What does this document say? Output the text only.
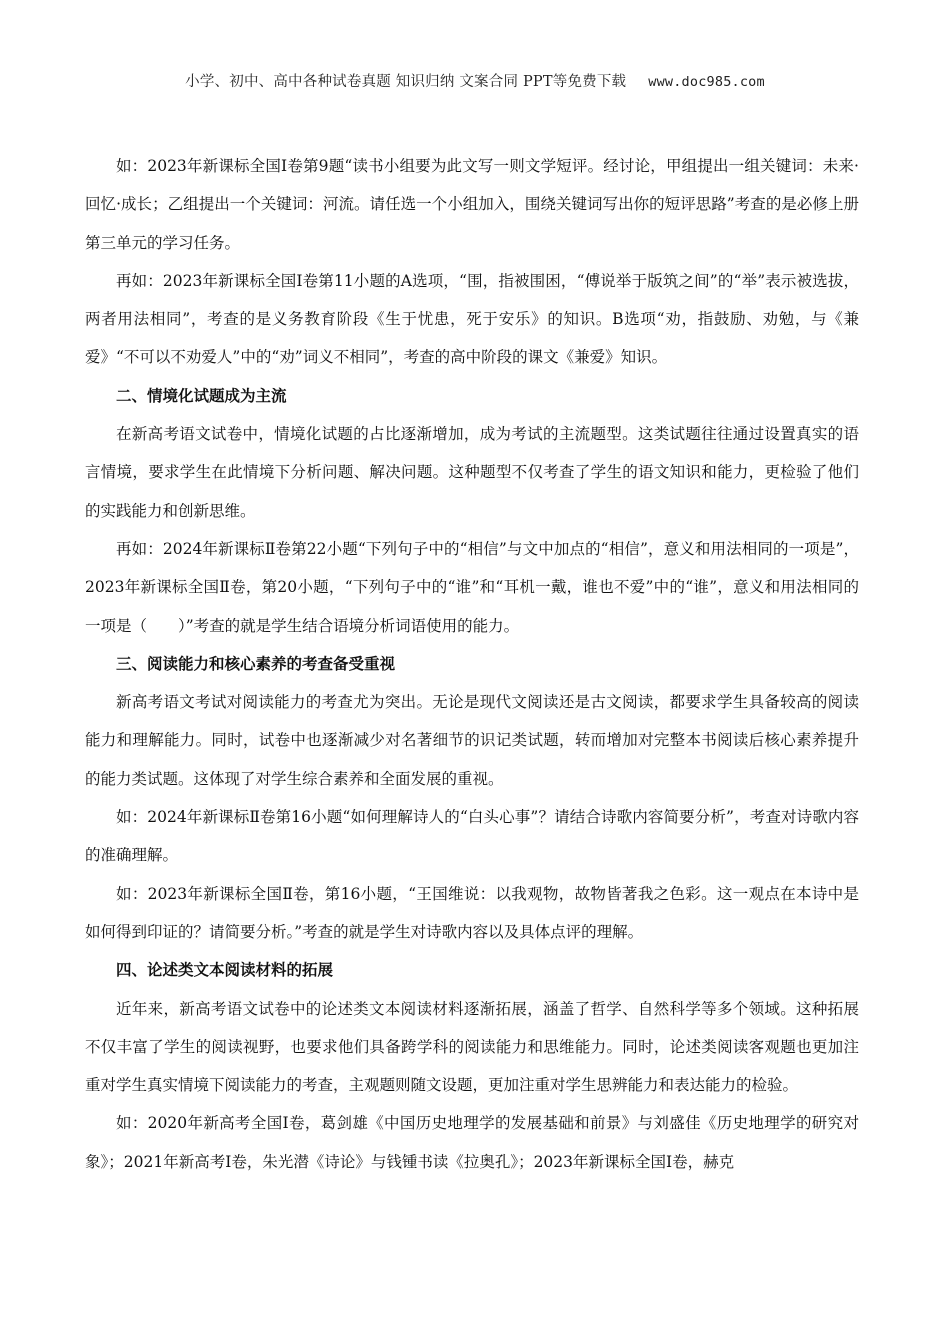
小学、初中、高中各种试卷真题 知识归纳 文案合同 PPT等免费下载 www.doc985.com

如：2023年新课标全国Ⅰ卷第9题“读书小组要为此文写一则文学短评。经讨论，甲组提出一组关键词：未来·回忆·成长；乙组提出一个关键词：河流。请任选一个小组加入，围绕关键词写出你的短评思路”考查的是必修上册第三单元的学习任务。

再如：2023年新课标全国Ⅰ卷第11小题的A选项，“围，指被围困，“傅说举于版筑之间”的“举”表示被选拔，两者用法相同”，考查的是义务教育阶段《生于忧患，死于安乐》的知识。B选项“劝，指鼓励、劝勉，与《兼爱》“不可以不劝爱人”中的“劝”词义不相同”，考查的高中阶段的课文《兼爱》知识。

二、情境化试题成为主流

在新高考语文试卷中，情境化试题的占比逐渐增加，成为考试的主流题型。这类试题往往通过设置真实的语言情境，要求学生在此情境下分析问题、解决问题。这种题型不仅考查了学生的语文知识和能力，更检验了他们的实践能力和创新思维。

再如：2024年新课标Ⅱ卷第22小题“下列句子中的“相信”与文中加点的“相信”，意义和用法相同的一项是”，2023年新课标全国Ⅱ卷，第20小题，“下列句子中的“谁”和“耳机一戴，谁也不爱”中的“谁”，意义和用法相同的一项是（　　）”考查的就是学生结合语境分析词语使用的能力。

三、阅读能力和核心素养的考查备受重视

新高考语文考试对阅读能力的考查尤为突出。无论是现代文阅读还是古文阅读，都要求学生具备较高的阅读能力和理解能力。同时，试卷中也逐渐减少对名著细节的识记类试题，转而增加对完整本书阅读后核心素养提升的能力类试题。这体现了对学生综合素养和全面发展的重视。

如：2024年新课标Ⅱ卷第16小题“如何理解诗人的“白头心事”？请结合诗歌内容简要分析”，考查对诗歌内容的准确理解。

如：2023年新课标全国Ⅱ卷，第16小题，“王国维说：以我观物，故物皆著我之色彩。这一观点在本诗中是如何得到印证的？请简要分析。”考查的就是学生对诗歌内容以及具体点评的理解。

四、论述类文本阅读材料的拓展

近年来，新高考语文试卷中的论述类文本阅读材料逐渐拓展，涵盖了哲学、自然科学等多个领域。这种拓展不仅丰富了学生的阅读视野，也要求他们具备跨学科的阅读能力和思维能力。同时，论述类阅读客观题也更加注重对学生真实情境下阅读能力的考查，主观题则随文设题，更加注重对学生思辨能力和表达能力的检验。

如：2020年新高考全国Ⅰ卷，葛剑雄《中国历史地理学的发展基础和前景》与刘盛佳《历史地理学的研究对象》；2021年新高考Ⅰ卷，朱光潜《诗论》与钱锺书读《拉奥孔》；2023年新课标全国Ⅰ卷，赫克
